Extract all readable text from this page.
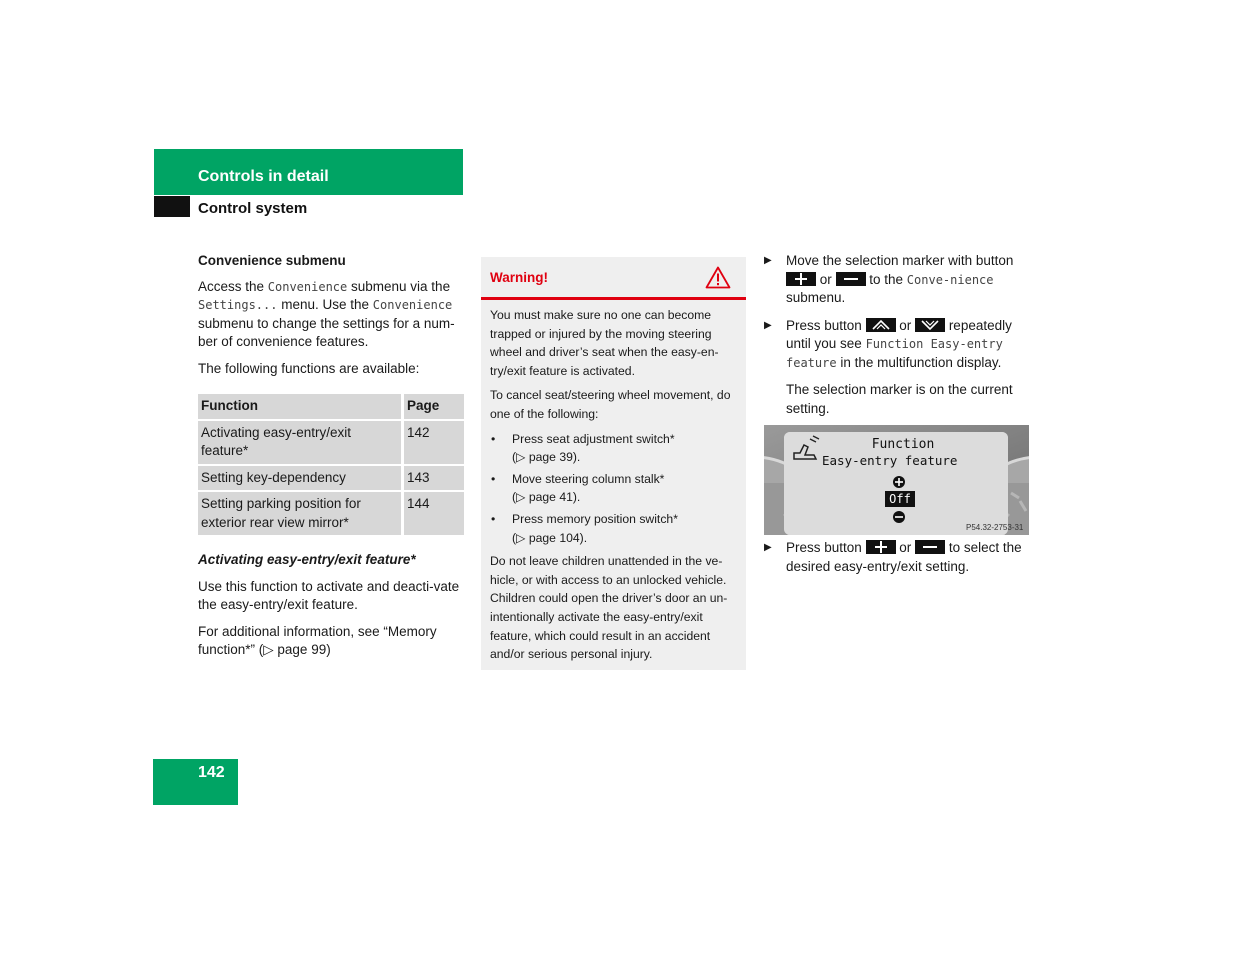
Controls in detail
Control system

Convenience submenu

Access the Convenience submenu via the Settings... menu. Use the Convenience submenu to change the settings for a num-ber of convenience features.

The following functions are available:

Function	Page
Activating easy-entry/exit feature*	142
Setting key-dependency	143
Setting parking position for exterior rear view mirror*	144

Activating easy-entry/exit feature*

Use this function to activate and deacti-vate the easy-entry/exit feature.

For additional information, see “Memory function*” (▷ page 99)

Warning!

You must make sure no one can become trapped or injured by the moving steering wheel and driver’s seat when the easy-en-try/exit feature is activated.

To cancel seat/steering wheel movement, do one of the following:

• Press seat adjustment switch*
(▷ page 39).
• Move steering column stalk*
(▷ page 41).
• Press memory position switch*
(▷ page 104).

Do not leave children unattended in the ve-hicle, or with access to an unlocked vehicle. Children could open the driver’s door an un-intentionally activate the easy-entry/exit feature, which could result in an accident and/or serious personal injury.

▶ Move the selection marker with button
or
to the Conve-nience submenu.
▶ Press button
or
repeatedly until you see Function Easy-entry feature in the multifunction display.
The selection marker is on the current setting.
Function
Easy-entry feature
Off
P54.32-2753-31
▶ Press button
or
to select the desired easy-entry/exit setting.
142
